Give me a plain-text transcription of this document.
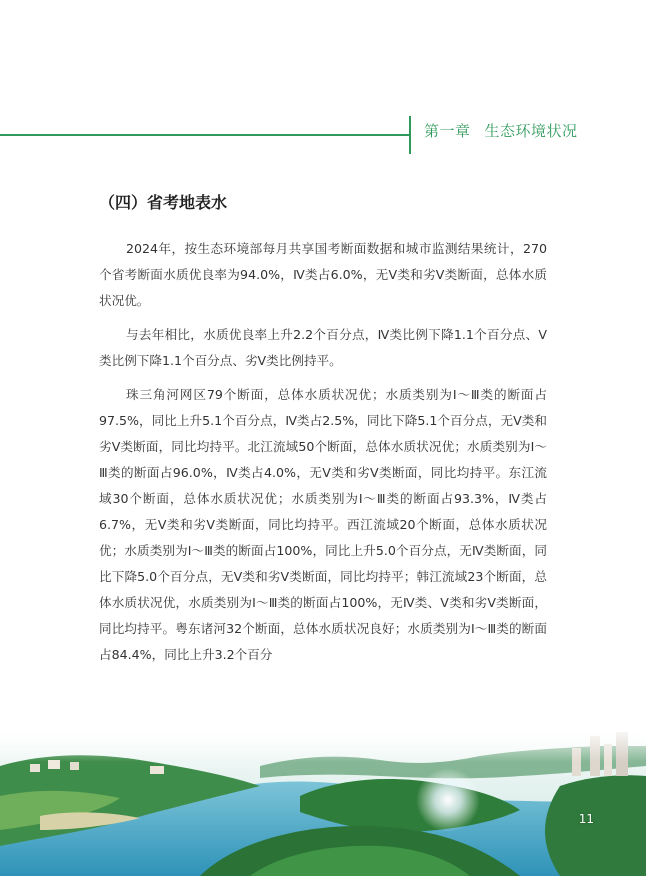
第一章 生态环境状况
（四）省考地表水

2024年，按生态环境部每月共享国考断面数据和城市监测结果统计，270个省考断面水质优良率为94.0%，Ⅳ类占6.0%，无Ⅴ类和劣Ⅴ类断面，总体水质状况优。

与去年相比，水质优良率上升2.2个百分点，Ⅳ类比例下降1.1个百分点、Ⅴ类比例下降1.1个百分点、劣Ⅴ类比例持平。

珠三角河网区79个断面，总体水质状况优；水质类别为Ⅰ～Ⅲ类的断面占97.5%，同比上升5.1个百分点，Ⅳ类占2.5%，同比下降5.1个百分点，无Ⅴ类和劣Ⅴ类断面，同比均持平。北江流域50个断面，总体水质状况优；水质类别为Ⅰ～Ⅲ类的断面占96.0%，Ⅳ类占4.0%，无Ⅴ类和劣Ⅴ类断面，同比均持平。东江流域30个断面，总体水质状况优；水质类别为Ⅰ～Ⅲ类的断面占93.3%，Ⅳ类占6.7%，无Ⅴ类和劣Ⅴ类断面，同比均持平。西江流域20个断面，总体水质状况优；水质类别为Ⅰ～Ⅲ类的断面占100%，同比上升5.0个百分点，无Ⅳ类断面，同比下降5.0个百分点，无Ⅴ类和劣Ⅴ类断面，同比均持平；韩江流域23个断面，总体水质状况优，水质类别为Ⅰ～Ⅲ类的断面占100%，无Ⅳ类、Ⅴ类和劣Ⅴ类断面，同比均持平。粤东诸河32个断面，总体水质状况良好；水质类别为Ⅰ～Ⅲ类的断面占84.4%，同比上升3.2个百分

11
